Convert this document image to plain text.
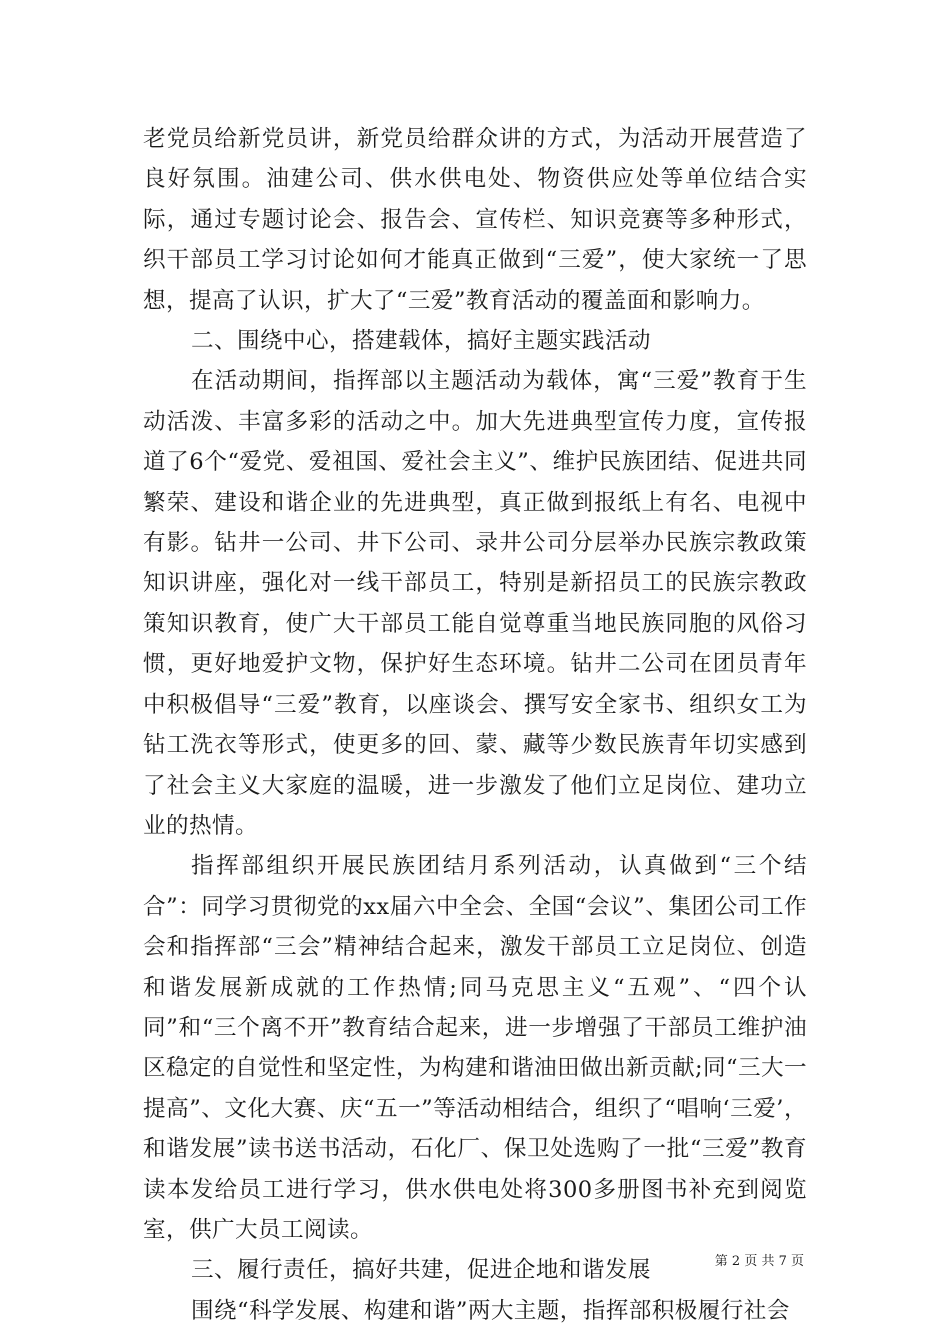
老党员给新党员讲，新党员给群众讲的方式，为活动开展营造了良好氛围。油建公司、供水供电处、物资供应处等单位结合实际，通过专题讨论会、报告会、宣传栏、知识竞赛等多种形式，织干部员工学习讨论如何才能真正做到“三爱”，使大家统一了思想，提高了认识，扩大了“三爱”教育活动的覆盖面和影响力。

二、围绕中心，搭建载体，搞好主题实践活动

在活动期间，指挥部以主题活动为载体，寓“三爱”教育于生动活泼、丰富多彩的活动之中。加大先进典型宣传力度，宣传报道了6个“爱党、爱祖国、爱社会主义”、维护民族团结、促进共同繁荣、建设和谐企业的先进典型，真正做到报纸上有名、电视中有影。钻井一公司、井下公司、录井公司分层举办民族宗教政策知识讲座，强化对一线干部员工，特别是新招员工的民族宗教政策知识教育，使广大干部员工能自觉尊重当地民族同胞的风俗习惯，更好地爱护文物，保护好生态环境。钻井二公司在团员青年中积极倡导“三爱”教育，以座谈会、撰写安全家书、组织女工为钻工洗衣等形式，使更多的回、蒙、藏等少数民族青年切实感到了社会主义大家庭的温暖，进一步激发了他们立足岗位、建功立业的热情。

指挥部组织开展民族团结月系列活动，认真做到“三个结合”：同学习贯彻党的xx届六中全会、全国“会议”、集团公司工作会和指挥部“三会”精神结合起来，激发干部员工立足岗位、创造和谐发展新成就的工作热情;同马克思主义“五观”、“四个认同”和“三个离不开”教育结合起来，进一步增强了干部员工维护油区稳定的自觉性和坚定性，为构建和谐油田做出新贡献;同“三大一提高”、文化大赛、庆“五一”等活动相结合，组织了“唱响‘三爱’，和谐发展”读书送书活动，石化厂、保卫处选购了一批“三爱”教育读本发给员工进行学习，供水供电处将300多册图书补充到阅览室，供广大员工阅读。

三、履行责任，搞好共建，促进企地和谐发展

围绕“科学发展、构建和谐”两大主题，指挥部积极履行社会

第 2 页 共 7 页
